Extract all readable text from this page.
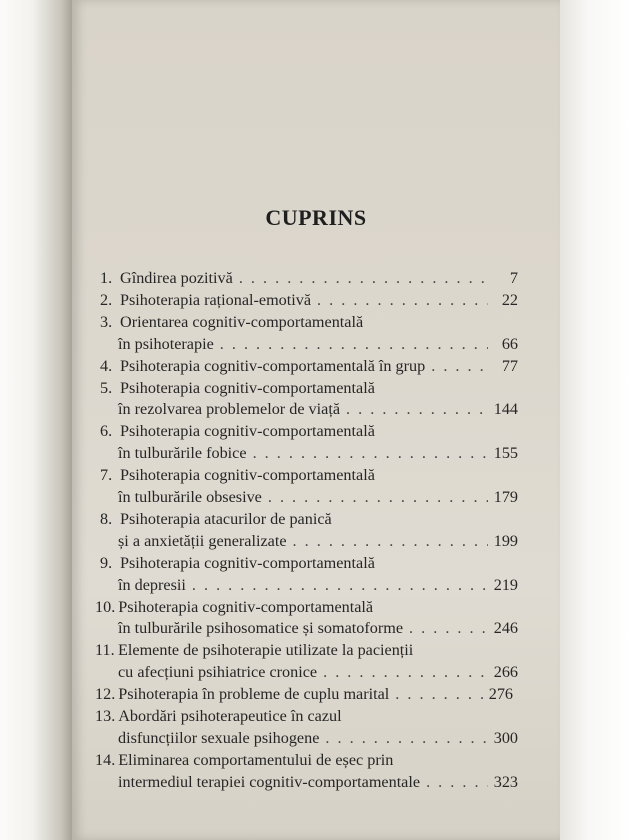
CUPRINS
1. Gîndirea pozitivă . . .	7
2. Psihoterapia rațional-emotivă . . .	22
3. Orientarea cognitiv-comportamentală
în psihoterapie . . .	66
4. Psihoterapia cognitiv-comportamentală în grup . . .	77
5. Psihoterapia cognitiv-comportamentală
în rezolvarea problemelor de viață . . .	144
6. Psihoterapia cognitiv-comportamentală
în tulburările fobice . . .	155
7. Psihoterapia cognitiv-comportamentală
în tulburările obsesive . . .	179
8. Psihoterapia atacurilor de panică
și a anxietății generalizate . . .	199
9. Psihoterapia cognitiv-comportamentală
în depresii . . .	219
10. Psihoterapia cognitiv-comportamentală
în tulburările psihosomatice și somatoforme . . .	246
11. Elemente de psihoterapie utilizate la pacienții
cu afecțiuni psihiatrice cronice . . .	266
12. Psihoterapia în probleme de cuplu marital . . .	276
13. Abordări psihoterapeutice în cazul
disfuncțiilor sexuale psihogene . . .	300
14. Eliminarea comportamentului de eșec prin
intermediul terapiei cognitiv-comportamentale . . .	323
